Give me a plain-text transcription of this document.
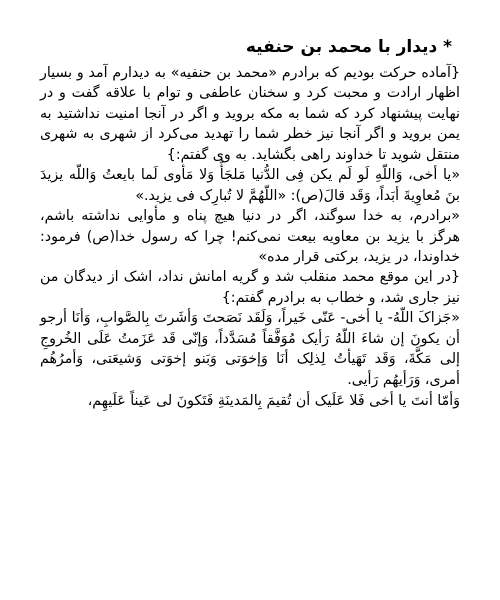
* دیدار با محمد بن حنفیه

{آماده حرکت بودیم که برادرم «محمد بن حنفیه» به دیدارم آمد و بسیار اظهار ارادت و محبت کرد و سخنان عاطفی و توام با علاقه گفت و در نهایت پیشنهاد کرد که شما به مکه بروید و اگر در آنجا امنیت نداشتید به یمن بروید و اگر آنجا نیز خطر شما را تهدید می‌کرد از شهری به شهری منتقل شوید تا خداوند راهی بگشاید. به وی گفتم:}

«یا أخی، وَاللّهِ لَو لَم یکن فِی الدُّنیا مَلجَأٌ وَلا مَأوی لَما بایعتُ وَاللّه یزیدَ بنَ مُعاوِیةَ أبَداً، وَقَد قالَ(ص): «اللّهُمَّ لا تُبارِک فی یزید.»

«برادرم، به خدا سوگند، اگر در دنیا هیچ پناه و مأوایی نداشته باشم، هرگز با یزید بن معاویه بیعت نمی‌کنم! چرا که رسول خدا(ص) فرمود: خداوندا، در یزید، برکتی قرار مده»

{در این موقع محمد منقلب شد و گریه امانش نداد، اشک از دیدگان من نیز جاری شد، و خطاب به برادرم گفتم:}

«جَزاکَ اللّهُ- یا أخی- عَنّی خَیراً، وَلَقَد نَصَحتَ وَأشَرتَ بِالصَّوابِ، وَأنَا أرجو أن یکونَ إن شاءَ اللّهُ رَأیک مُوَفَّقاً مُسَدَّداً، وَإنّی قَد عَزَمتُ عَلَی الخُروجِ إلی مَکَّةَ، وَقَد تَهَیأتُ لِذلِک أنَا وَإخوَتی وَبَنو إخوَتی وَشیعَتی، وَأمرُهُم أمری، وَرَأیهُم رَأیی.

وَأمّا أنتَ یا أخی فَلا عَلَیک أن تُقیمَ بِالمَدینَةِ فَتَکونَ لی عَیناً عَلَیهِم،
